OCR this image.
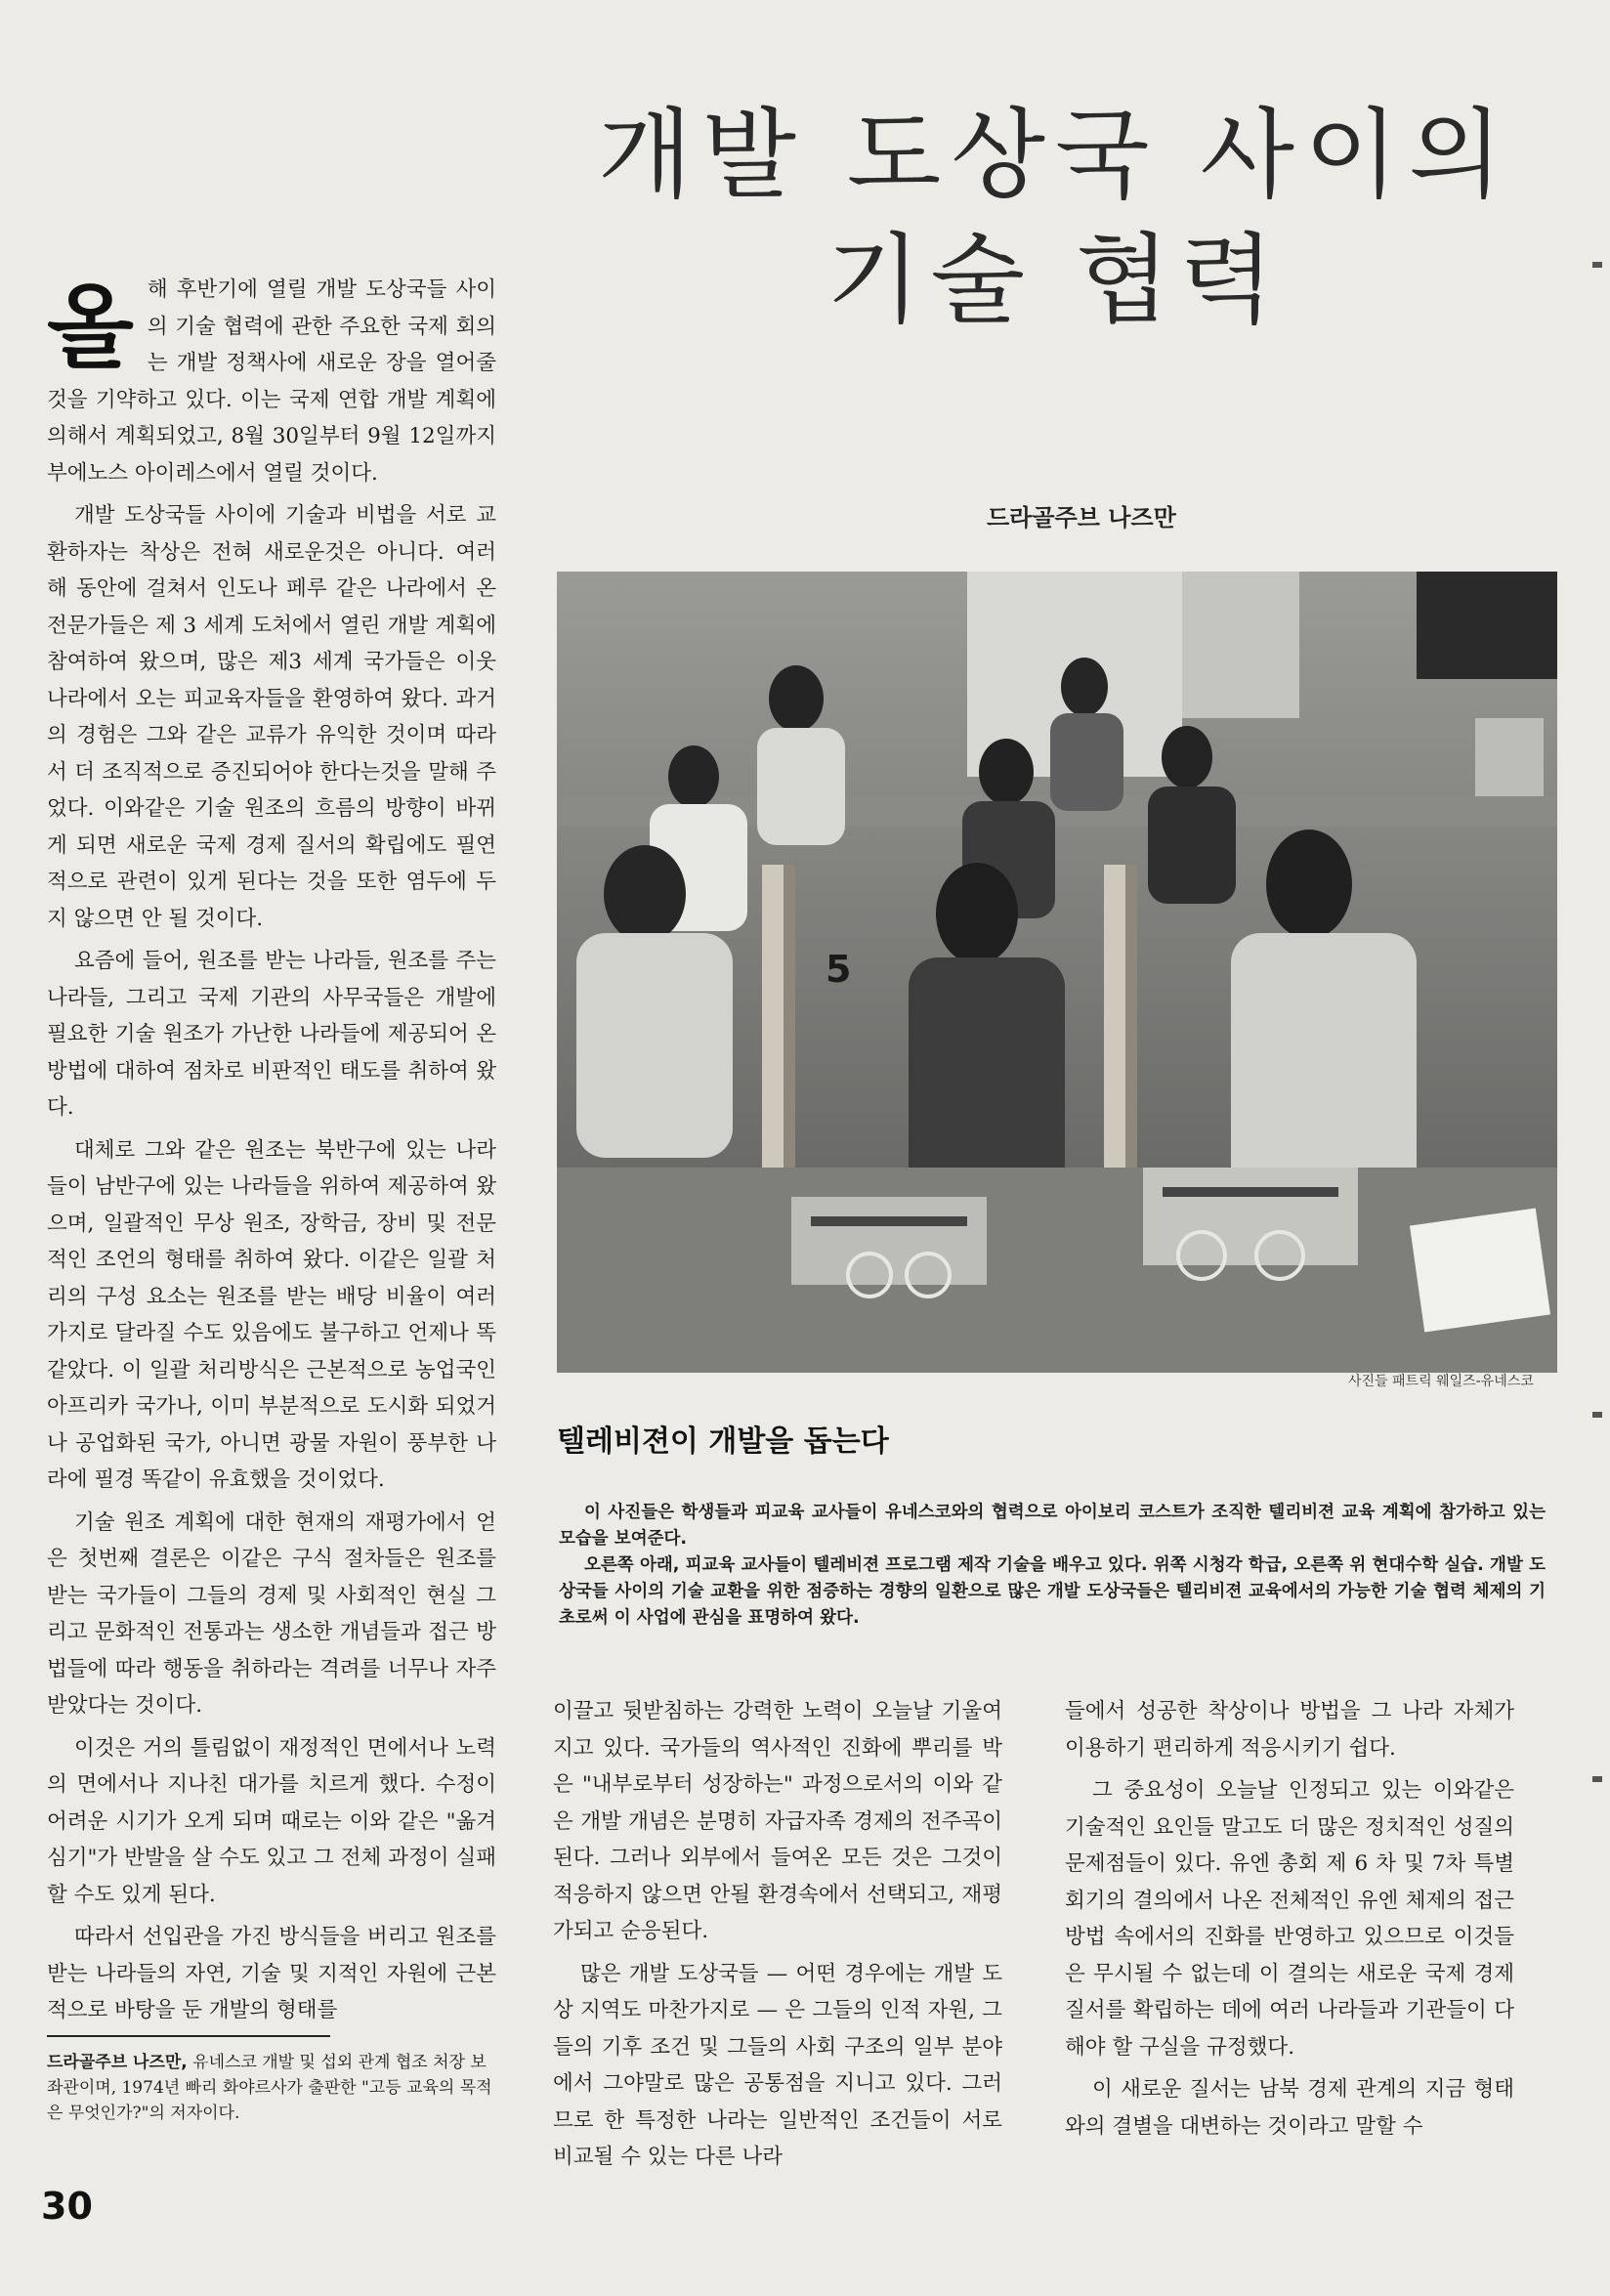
개발 도상국 사이의
기술 협력
드라골주브 나즈만
올 해 후반기에 열릴 개발 도상국들 사이의 기술 협력에 관한 주요한 국제 회의는 개발 정책사에 새로운 장을 열어줄 것을 기약하고 있다. 이는 국제 연합 개발 계획에 의해서 계획되었고, 8월 30일부터 9월 12일까지 부에노스 아이레스에서 열릴 것이다.

개발 도상국들 사이에 기술과 비법을 서로 교환하자는 착상은 전혀 새로운것은 아니다. 여러 해 동안에 걸쳐서 인도나 페루 같은 나라에서 온 전문가들은 제 3 세계 도처에서 열린 개발 계획에 참여하여 왔으며, 많은 제3 세계 국가들은 이웃 나라에서 오는 피교육자들을 환영하여 왔다. 과거의 경험은 그와 같은 교류가 유익한 것이며 따라서 더 조직적으로 증진되어야 한다는것을 말해 주었다. 이와같은 기술 원조의 흐름의 방향이 바뀌게 되면 새로운 국제 경제 질서의 확립에도 필연적으로 관련이 있게 된다는 것을 또한 염두에 두지 않으면 안 될 것이다.

요즘에 들어, 원조를 받는 나라들, 원조를 주는 나라들, 그리고 국제 기관의 사무국들은 개발에 필요한 기술 원조가 가난한 나라들에 제공되어 온 방법에 대하여 점차로 비판적인 태도를 취하여 왔다.

대체로 그와 같은 원조는 북반구에 있는 나라들이 남반구에 있는 나라들을 위하여 제공하여 왔으며, 일괄적인 무상 원조, 장학금, 장비 및 전문적인 조언의 형태를 취하여 왔다. 이같은 일괄 처리의 구성 요소는 원조를 받는 배당 비율이 여러가지로 달라질 수도 있음에도 불구하고 언제나 똑 같았다. 이 일괄 처리방식은 근본적으로 농업국인 아프리카 국가나, 이미 부분적으로 도시화 되었거나 공업화된 국가, 아니면 광물 자원이 풍부한 나라에 필경 똑같이 유효했을 것이었다.

기술 원조 계획에 대한 현재의 재평가에서 얻은 첫번째 결론은 이같은 구식 절차들은 원조를 받는 국가들이 그들의 경제 및 사회적인 현실 그리고 문화적인 전통과는 생소한 개념들과 접근 방법들에 따라 행동을 취하라는 격려를 너무나 자주 받았다는 것이다.

이것은 거의 틀림없이 재정적인 면에서나 노력의 면에서나 지나친 대가를 치르게 했다. 수정이 어려운 시기가 오게 되며 때로는 이와 같은 "옮겨 심기"가 반발을 살 수도 있고 그 전체 과정이 실패할 수도 있게 된다.

따라서 선입관을 가진 방식들을 버리고 원조를 받는 나라들의 자연, 기술 및 지적인 자원에 근본적으로 바탕을 둔 개발의 형태를

5
사진들 패트릭 웨일즈-유네스코
텔레비젼이 개발을 돕는다

이 사진들은 학생들과 피교육 교사들이 유네스코와의 협력으로 아이보리 코스트가 조직한 텔리비젼 교육 계획에 참가하고 있는 모습을 보여준다.

오른쪽 아래, 피교육 교사들이 텔레비젼 프로그램 제작 기술을 배우고 있다. 위쪽 시청각 학급, 오른쪽 위 현대수학 실습. 개발 도상국들 사이의 기술 교환을 위한 점증하는 경향의 일환으로 많은 개발 도상국들은 텔리비젼 교육에서의 가능한 기술 협력 체제의 기초로써 이 사업에 관심을 표명하여 왔다.

이끌고 뒷받침하는 강력한 노력이 오늘날 기울여지고 있다. 국가들의 역사적인 진화에 뿌리를 박은 "내부로부터 성장하는" 과정으로서의 이와 같은 개발 개념은 분명히 자급자족 경제의 전주곡이 된다. 그러나 외부에서 들여온 모든 것은 그것이 적응하지 않으면 안될 환경속에서 선택되고, 재평가되고 순응된다.

많은 개발 도상국들 — 어떤 경우에는 개발 도상 지역도 마찬가지로 — 은 그들의 인적 자원, 그들의 기후 조건 및 그들의 사회 구조의 일부 분야에서 그야말로 많은 공통점을 지니고 있다. 그러므로 한 특정한 나라는 일반적인 조건들이 서로 비교될 수 있는 다른 나라

들에서 성공한 착상이나 방법을 그 나라 자체가 이용하기 편리하게 적응시키기 쉽다.

그 중요성이 오늘날 인정되고 있는 이와같은 기술적인 요인들 말고도 더 많은 정치적인 성질의 문제점들이 있다. 유엔 총회 제 6 차 및 7차 특별 회기의 결의에서 나온 전체적인 유엔 체제의 접근 방법 속에서의 진화를 반영하고 있으므로 이것들은 무시될 수 없는데 이 결의는 새로운 국제 경제 질서를 확립하는 데에 여러 나라들과 기관들이 다해야 할 구실을 규정했다.

이 새로운 질서는 남북 경제 관계의 지금 형태와의 결별을 대변하는 것이라고 말할 수

드라골주브 나즈만, 유네스코 개발 및 섭외 관계 협조 처장 보좌관이며, 1974년 빠리 화야르사가 출판한 "고등 교육의 목적은 무엇인가?"의 저자이다.
30
